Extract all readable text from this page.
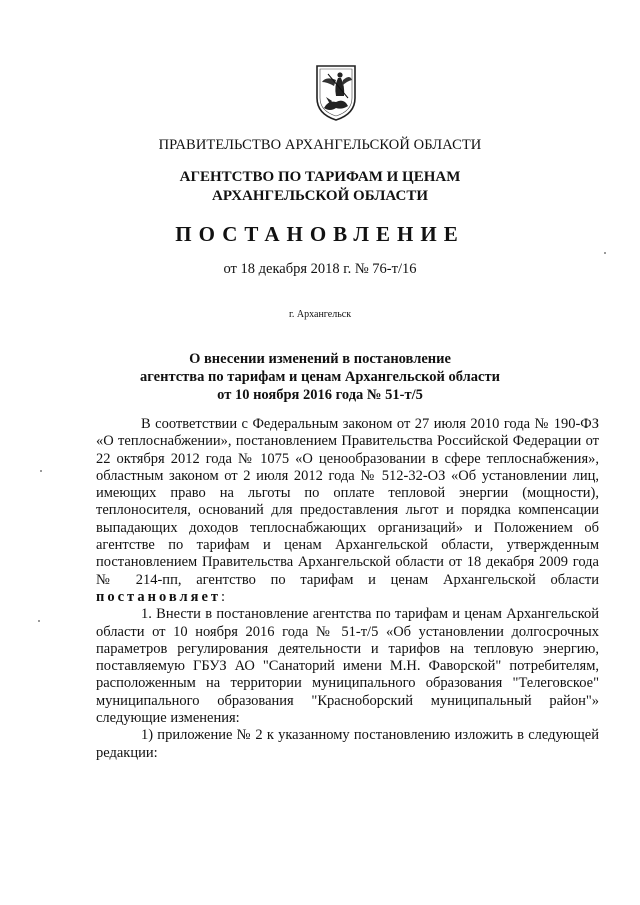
ПРАВИТЕЛЬСТВО АРХАНГЕЛЬСКОЙ ОБЛАСТИ
АГЕНТСТВО ПО ТАРИФАМ И ЦЕНАМ
АРХАНГЕЛЬСКОЙ ОБЛАСТИ
ПОСТАНОВЛЕНИЕ
от 18 декабря 2018 г. № 76-т/16
г. Архангельск
О внесении изменений в постановление
агентства по тарифам и ценам Архангельской области
от 10 ноября 2016 года № 51-т/5

В соответствии с Федеральным законом от 27 июля 2010 года № 190-ФЗ «О теплоснабжении», постановлением Правительства Российской Федерации от 22 октября 2012 года № 1075 «О ценообразовании в сфере теплоснабжения», областным законом от 2 июля 2012 года № 512-32-ОЗ «Об установлении лиц, имеющих право на льготы по оплате тепловой энергии (мощности), теплоносителя, оснований для предоставления льгот и порядка компенсации выпадающих доходов теплоснабжающих организаций» и Положением об агентстве по тарифам и ценам Архангельской области, утвержденным постановлением Правительства Архангельской области от 18 декабря 2009 года № 214-пп, агентство по тарифам и ценам Архангельской области постановляет:

1. Внести в постановление агентства по тарифам и ценам Архангельской области от 10 ноября 2016 года № 51-т/5 «Об установлении долгосрочных параметров регулирования деятельности и тарифов на тепловую энергию, поставляемую ГБУЗ АО "Санаторий имени М.Н. Фаворской" потребителям, расположенным на территории муниципального образования "Телеговское" муниципального образования "Красноборский муниципальный район"» следующие изменения:

1) приложение № 2 к указанному постановлению изложить в следующей редакции:
